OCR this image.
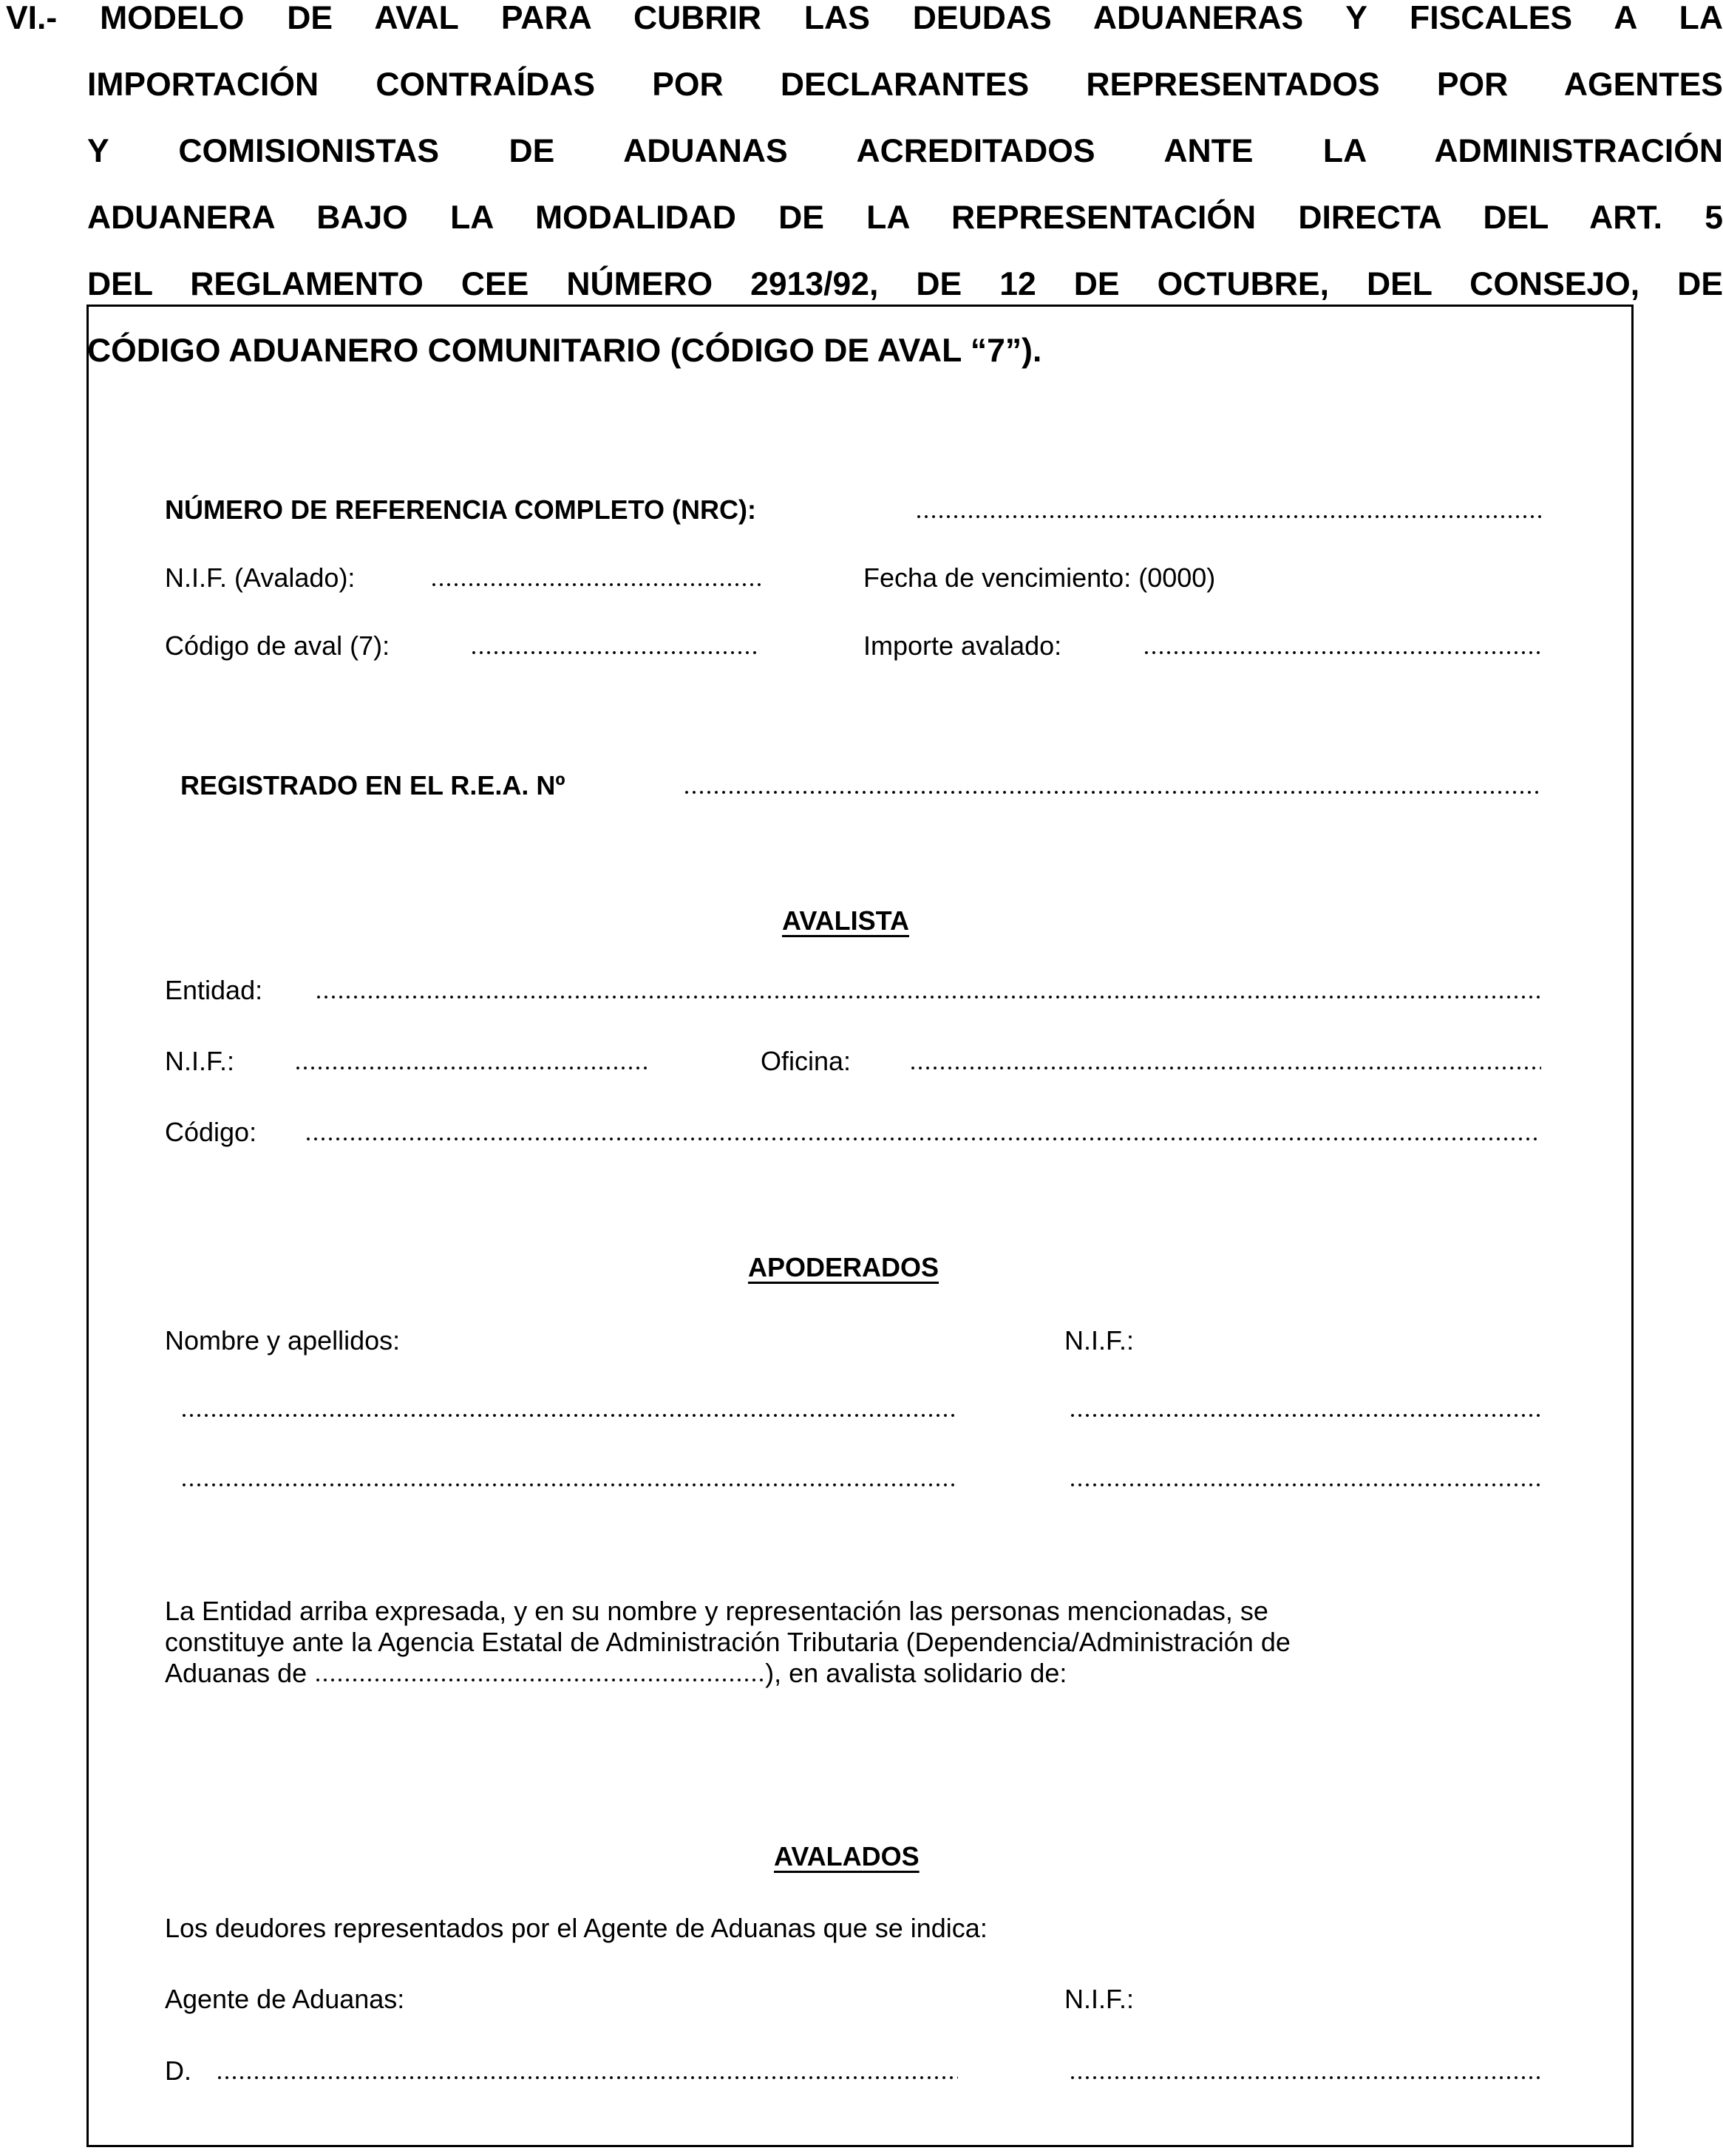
VI.- MODELO DE AVAL PARA CUBRIR LAS DEUDAS ADUANERAS Y FISCALES A LA
IMPORTACIÓN CONTRAÍDAS POR DECLARANTES REPRESENTADOS POR AGENTES
Y COMISIONISTAS DE ADUANAS ACREDITADOS ANTE LA ADMINISTRACIÓN
ADUANERA BAJO LA MODALIDAD DE LA REPRESENTACIÓN DIRECTA DEL ART. 5
DEL REGLAMENTO CEE NÚMERO 2913/92, DE 12 DE OCTUBRE, DEL CONSEJO, DE
CÓDIGO ADUANERO COMUNITARIO (CÓDIGO DE AVAL “7”).
NÚMERO DE REFERENCIA COMPLETO (NRC):
N.I.F. (Avalado):	Fecha de vencimiento: (0000)
Código de aval (7):	Importe avalado:
REGISTRADO EN EL R.E.A. Nº
AVALISTA
Entidad:
N.I.F.:	Oficina:
Código:
APODERADOS
Nombre y apellidos:	N.I.F.:
La Entidad arriba expresada, y en su nombre y representación las personas mencionadas, se
constituye ante la Agencia Estatal de Administración Tributaria (Dependencia/Administración de
Aduanas de	), en avalista solidario de:
AVALADOS
Los deudores representados por el Agente de Aduanas que se indica:
Agente de Aduanas:	N.I.F.:
D.
